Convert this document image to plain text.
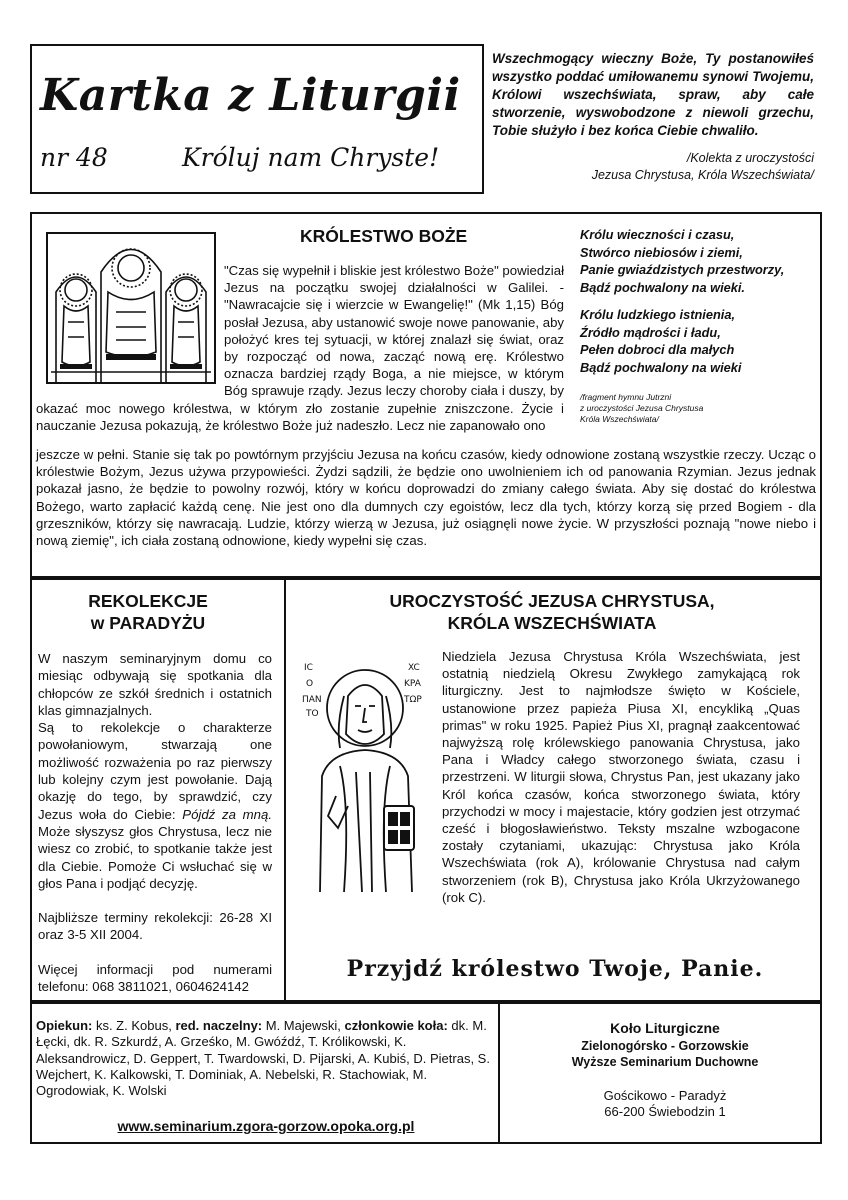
Kartka z Liturgii
nr 48	Króluj nam Chryste!
Wszechmogący wieczny Boże, Ty postanowiłeś wszystko poddać umiłowanemu synowi Twojemu, Królowi wszechświata, spraw, aby całe stworzenie, wyswobodzone z niewoli grzechu, Tobie służyło i bez końca Ciebie chwaliło.
/Kolekta z uroczystości
Jezusa Chrystusa, Króla Wszechświata/
KRÓLESTWO BOŻE
"Czas się wypełnił i bliskie jest królestwo Boże" powiedział Jezus na początku swojej działalności w Galilei. - "Nawracajcie się i wierzcie w Ewangelię!" (Mk 1,15) Bóg posłał Jezusa, aby ustanowić swoje nowe panowanie, aby położyć kres tej sytuacji, w której znalazł się świat, oraz by rozpocząć od nowa, zacząć nową erę. Królestwo oznacza bardziej rządy Boga, a nie miejsce, w którym Bóg sprawuje rządy. Jezus leczy choroby ciała i duszy, by okazać moc nowego królestwa, w którym zło zostanie zupełnie zniszczone. Życie i nauczanie Jezusa pokazują, że królestwo Boże już nadeszło. Lecz nie zapanowało ono
jeszcze w pełni. Stanie się tak po powtórnym przyjściu Jezusa na końcu czasów, kiedy odnowione zostaną wszystkie rzeczy. Ucząc o królestwie Bożym, Jezus używa przypowieści. Żydzi sądzili, że będzie ono uwolnieniem ich od panowania Rzymian. Jezus jednak pokazał jasno, że będzie to powolny rozwój, który w końcu doprowadzi do zmiany całego świata. Aby się dostać do królestwa Bożego, warto zapłacić każdą cenę. Nie jest ono dla dumnych czy egoistów, lecz dla tych, którzy korzą się przed Bogiem - dla grzeszników, którzy się nawracają. Ludzie, którzy wierzą w Jezusa, już osiągnęli nowe życie. W przyszłości poznają "nowe niebo i nową ziemię", ich ciała zostaną odnowione, kiedy wypełni się czas.
Królu wieczności i czasu,
Stwórco niebiosów i ziemi,
Panie gwiaździstych przestworzy,
Bądź pochwalony na wieki.
Królu ludzkiego istnienia,
Źródło mądrości i ładu,
Pełen dobroci dla małych
Bądź pochwalony na wieki
/fragment hymnu Jutrzni
z uroczystości Jezusa Chrystusa
Króla Wszechświata/
REKOLEKCJE
w PARADYŻU

W naszym seminaryjnym domu co miesiąc odbywają się spotkania dla chłopców ze szkół średnich i ostatnich klas gimnazjalnych.

Są to rekolekcje o charakterze powołaniowym, stwarzają one możliwość rozważenia po raz pierwszy lub kolejny czym jest powołanie. Dają okazję do tego, by sprawdzić, czy Jezus woła do Ciebie: Pójdź za mną. Może słyszysz głos Chrystusa, lecz nie wiesz co zrobić, to spotkanie także jest dla Ciebie. Pomoże Ci wsłuchać się w głos Pana i podjąć decyzję.

Najbliższe terminy rekolekcji: 26-28 XI oraz 3-5 XII 2004.

Więcej informacji pod numerami telefonu: 068 3811021, 0604624142

UROCZYSTOŚĆ JEZUSA CHRYSTUSA,
KRÓLA WSZECHŚWIATA
IC
O
ΠAN
TO
XC
KPA
TΩP
Niedziela Jezusa Chrystusa Króla Wszechświata, jest ostatnią niedzielą Okresu Zwykłego zamykającą rok liturgiczny. Jest to najmłodsze święto w Kościele, ustanowione przez papieża Piusa XI, encykliką „Quas primas" w roku 1925. Papież Pius XI, pragnął zaakcentować najwyższą rolę królewskiego panowania Chrystusa, jako Pana i Władcy całego stworzonego świata, czasu i przestrzeni. W liturgii słowa, Chrystus Pan, jest ukazany jako Król końca czasów, końca stworzonego świata, który przychodzi w mocy i majestacie, który godzien jest otrzymać cześć i błogosławieństwo. Teksty mszalne wzbogacone zostały czytaniami, ukazując: Chrystusa jako Króla Wszechświata (rok A), królowanie Chrystusa nad całym stworzeniem (rok B), Chrystusa jako Króla Ukrzyżowanego (rok C).
Przyjdź królestwo Twoje, Panie.
Opiekun: ks. Z. Kobus, red. naczelny: M. Majewski, członkowie koła: dk. M. Łęcki, dk. R. Szkurdź, A. Grześko, M. Gwóźdź, T. Królikowski, K. Aleksandrowicz, D. Geppert, T. Twardowski, D. Pijarski, A. Kubiś, D. Pietras, S. Wejchert, K. Kalkowski, T. Dominiak, A. Nebelski, R. Stachowiak, M. Ogrodowiak, K. Wolski
www.seminarium.zgora-gorzow.opoka.org.pl
Koło Liturgiczne
Zielonogórsko - Gorzowskie
Wyższe Seminarium Duchowne
Gościkowo - Paradyż
66-200 Świebodzin 1
